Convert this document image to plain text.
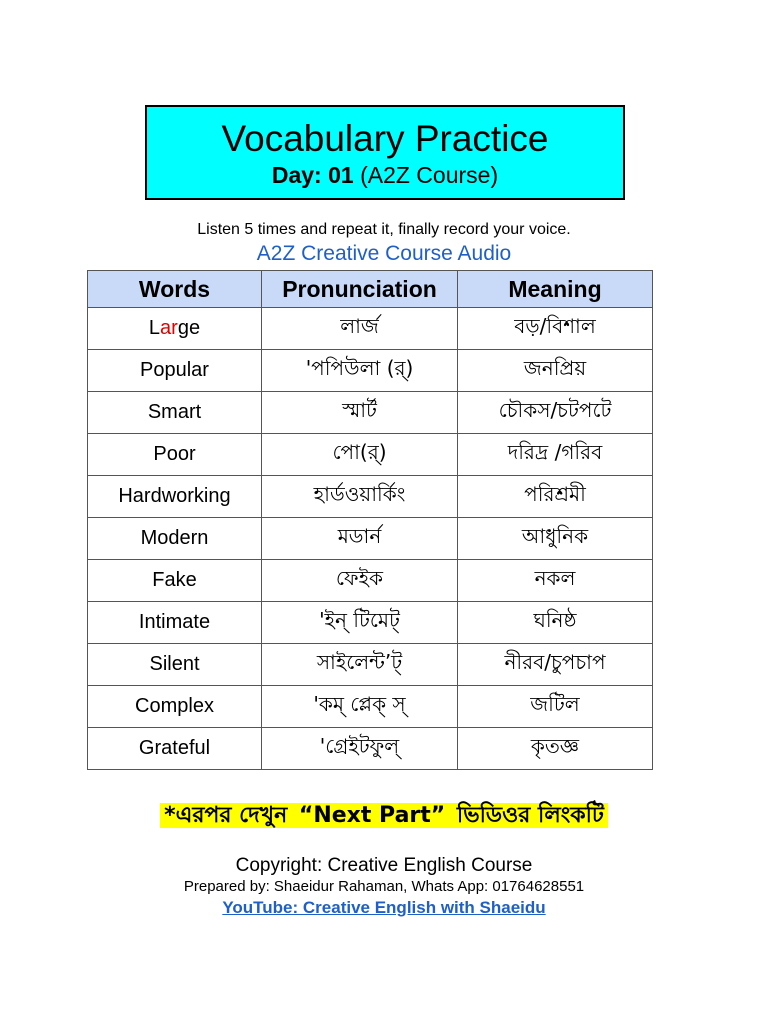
Vocabulary Practice
Day: 01 (A2Z Course)
Listen 5 times and repeat it, finally record your voice.
A2Z Creative Course Audio
Words	Pronunciation	Meaning
Large	লার্জ	বড়/বিশাল
Popular	'পপিউলা (র্)	জনপ্রিয়
Smart	স্মার্ট	চৌকস/চটপটে
Poor	পো(র্)	দরিদ্র /গরিব
Hardworking	হার্ডওয়ার্কিং	পরিশ্রমী
Modern	মডার্ন	আধুনিক
Fake	ফেইক	নকল
Intimate	'ইন্ টিমেট্	ঘনিষ্ঠ
Silent	সাইলেন্ট’ট্	নীরব/চুপচাপ
Complex	'কম্ প্লেক্ স্	জটিল
Grateful	'গ্রেইটফুল্	কৃতজ্ঞ
*এরপর দেখুন “Next Part” ভিডিওর লিংকটি
Copyright: Creative English Course
Prepared by: Shaeidur Rahaman, Whats App: 01764628551
YouTube: Creative English with Shaeidu
